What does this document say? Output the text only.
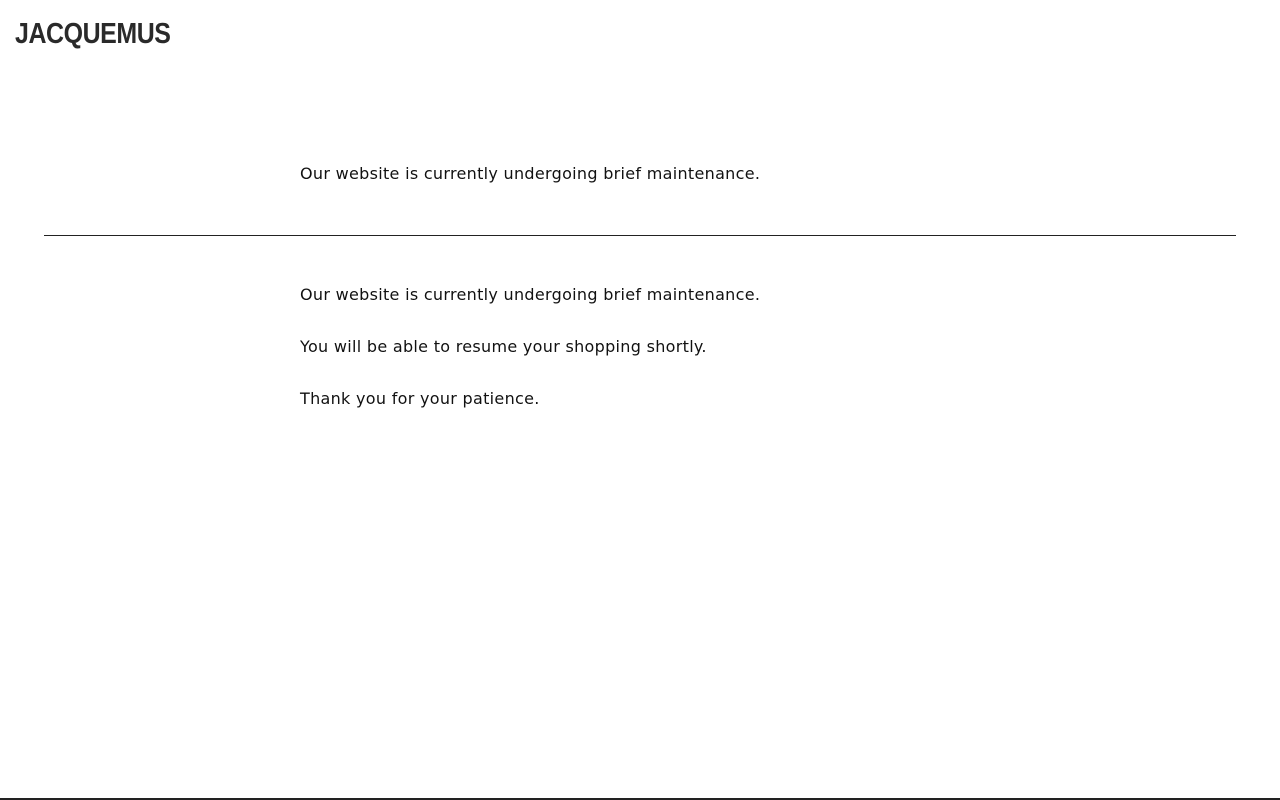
JACQUEMUS
Our website is currently undergoing brief maintenance.
Our website is currently undergoing brief maintenance.
You will be able to resume your shopping shortly.
Thank you for your patience.
